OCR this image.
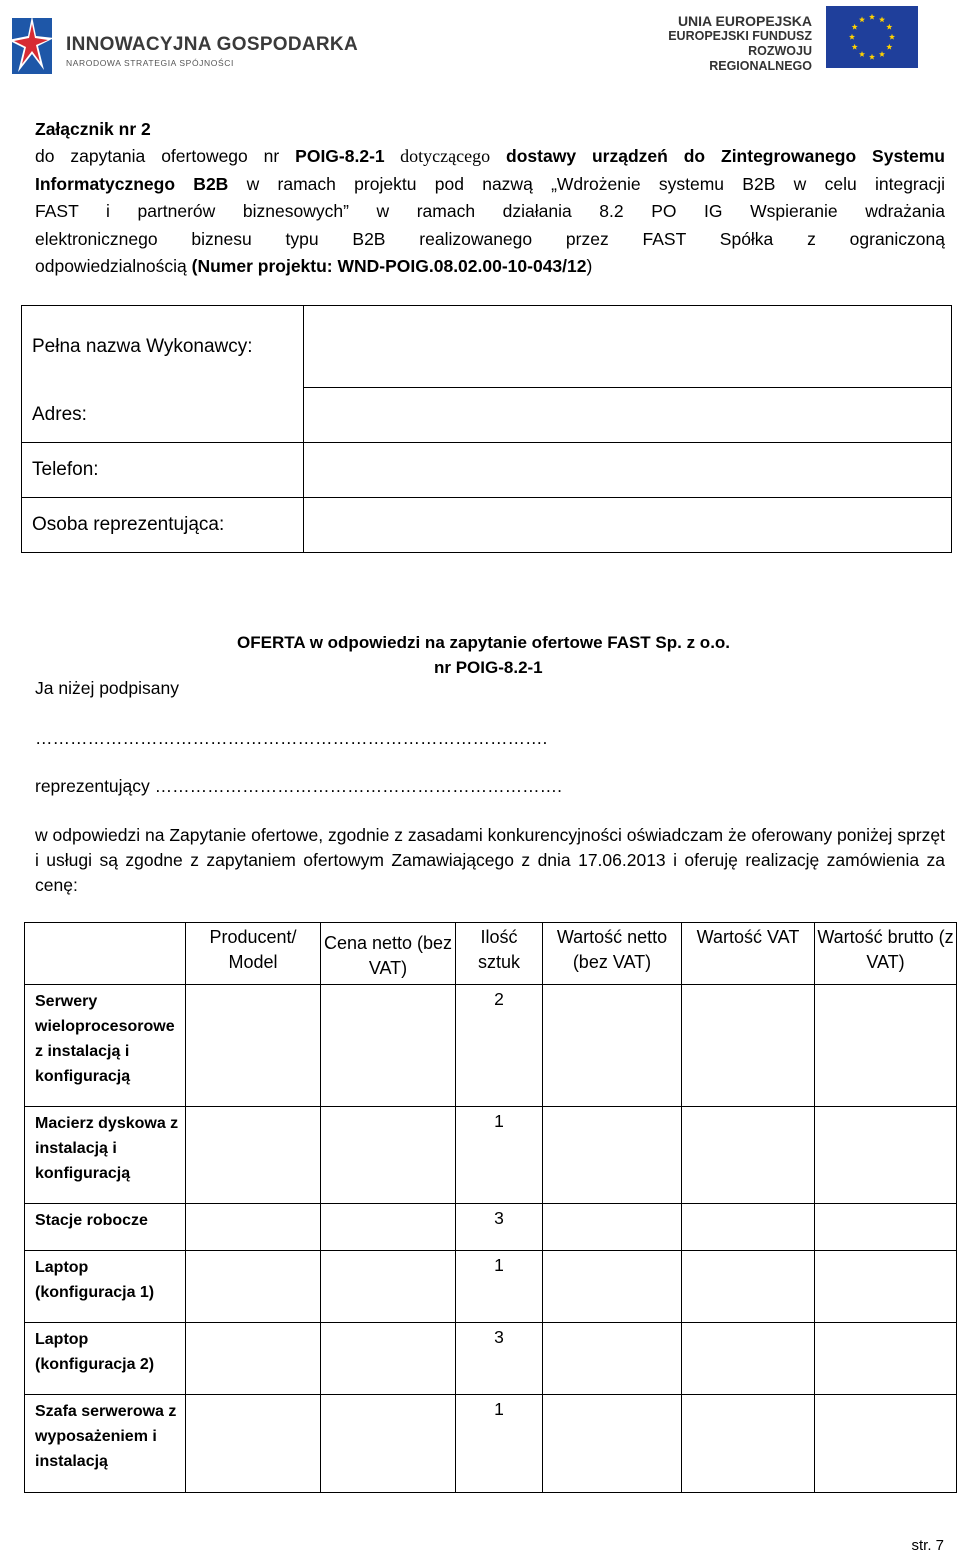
INNOWACYJNA GOSPODARKA
NARODOWA STRATEGIA SPÓJNOŚCI
UNIA EUROPEJSKA
EUROPEJSKI FUNDUSZ
ROZWOJU REGIONALNEGO
Załącznik nr 2
do zapytania ofertowego nr POIG-8.2-1 dotyczącego dostawy urządzeń do Zintegrowanego Systemu
Informatycznego B2B w ramach projektu pod nazwą „Wdrożenie systemu B2B w celu integracji
FAST i partnerów biznesowych” w ramach działania 8.2 PO IG Wspieranie wdrażania
elektronicznego biznesu typu B2B realizowanego przez FAST Spółka z ograniczoną
odpowiedzialnością (Numer projektu: WND-POIG.08.02.00-10-043/12)
Pełna nazwa Wykonawcy:	
Adres:	
Telefon:	
Osoba reprezentująca:	
OFERTA w odpowiedzi na zapytanie ofertowe FAST Sp. z o.o.
nr POIG-8.2-1
Ja niżej podpisany
…………………………………………………………………………….
reprezentujący …………………………………………………………….
w odpowiedzi na Zapytanie ofertowe, zgodnie z zasadami konkurencyjności oświadczam że oferowany poniżej sprzęt i usługi są zgodne z zapytaniem ofertowym Zamawiającego z dnia 17.06.2013 i oferuję realizację zamówienia za cenę:
	Producent/ Model	Cena netto (bez VAT)	Ilość sztuk	Wartość netto (bez VAT)	Wartość VAT	Wartość brutto (z VAT)
Serwery wieloprocesorowe z instalacją i konfiguracją			2			
Macierz dyskowa z instalacją i konfiguracją			1			
Stacje robocze			3			
Laptop (konfiguracja 1)			1			
Laptop (konfiguracja 2)			3			
Szafa serwerowa z wyposażeniem i instalacją			1			
str. 7
